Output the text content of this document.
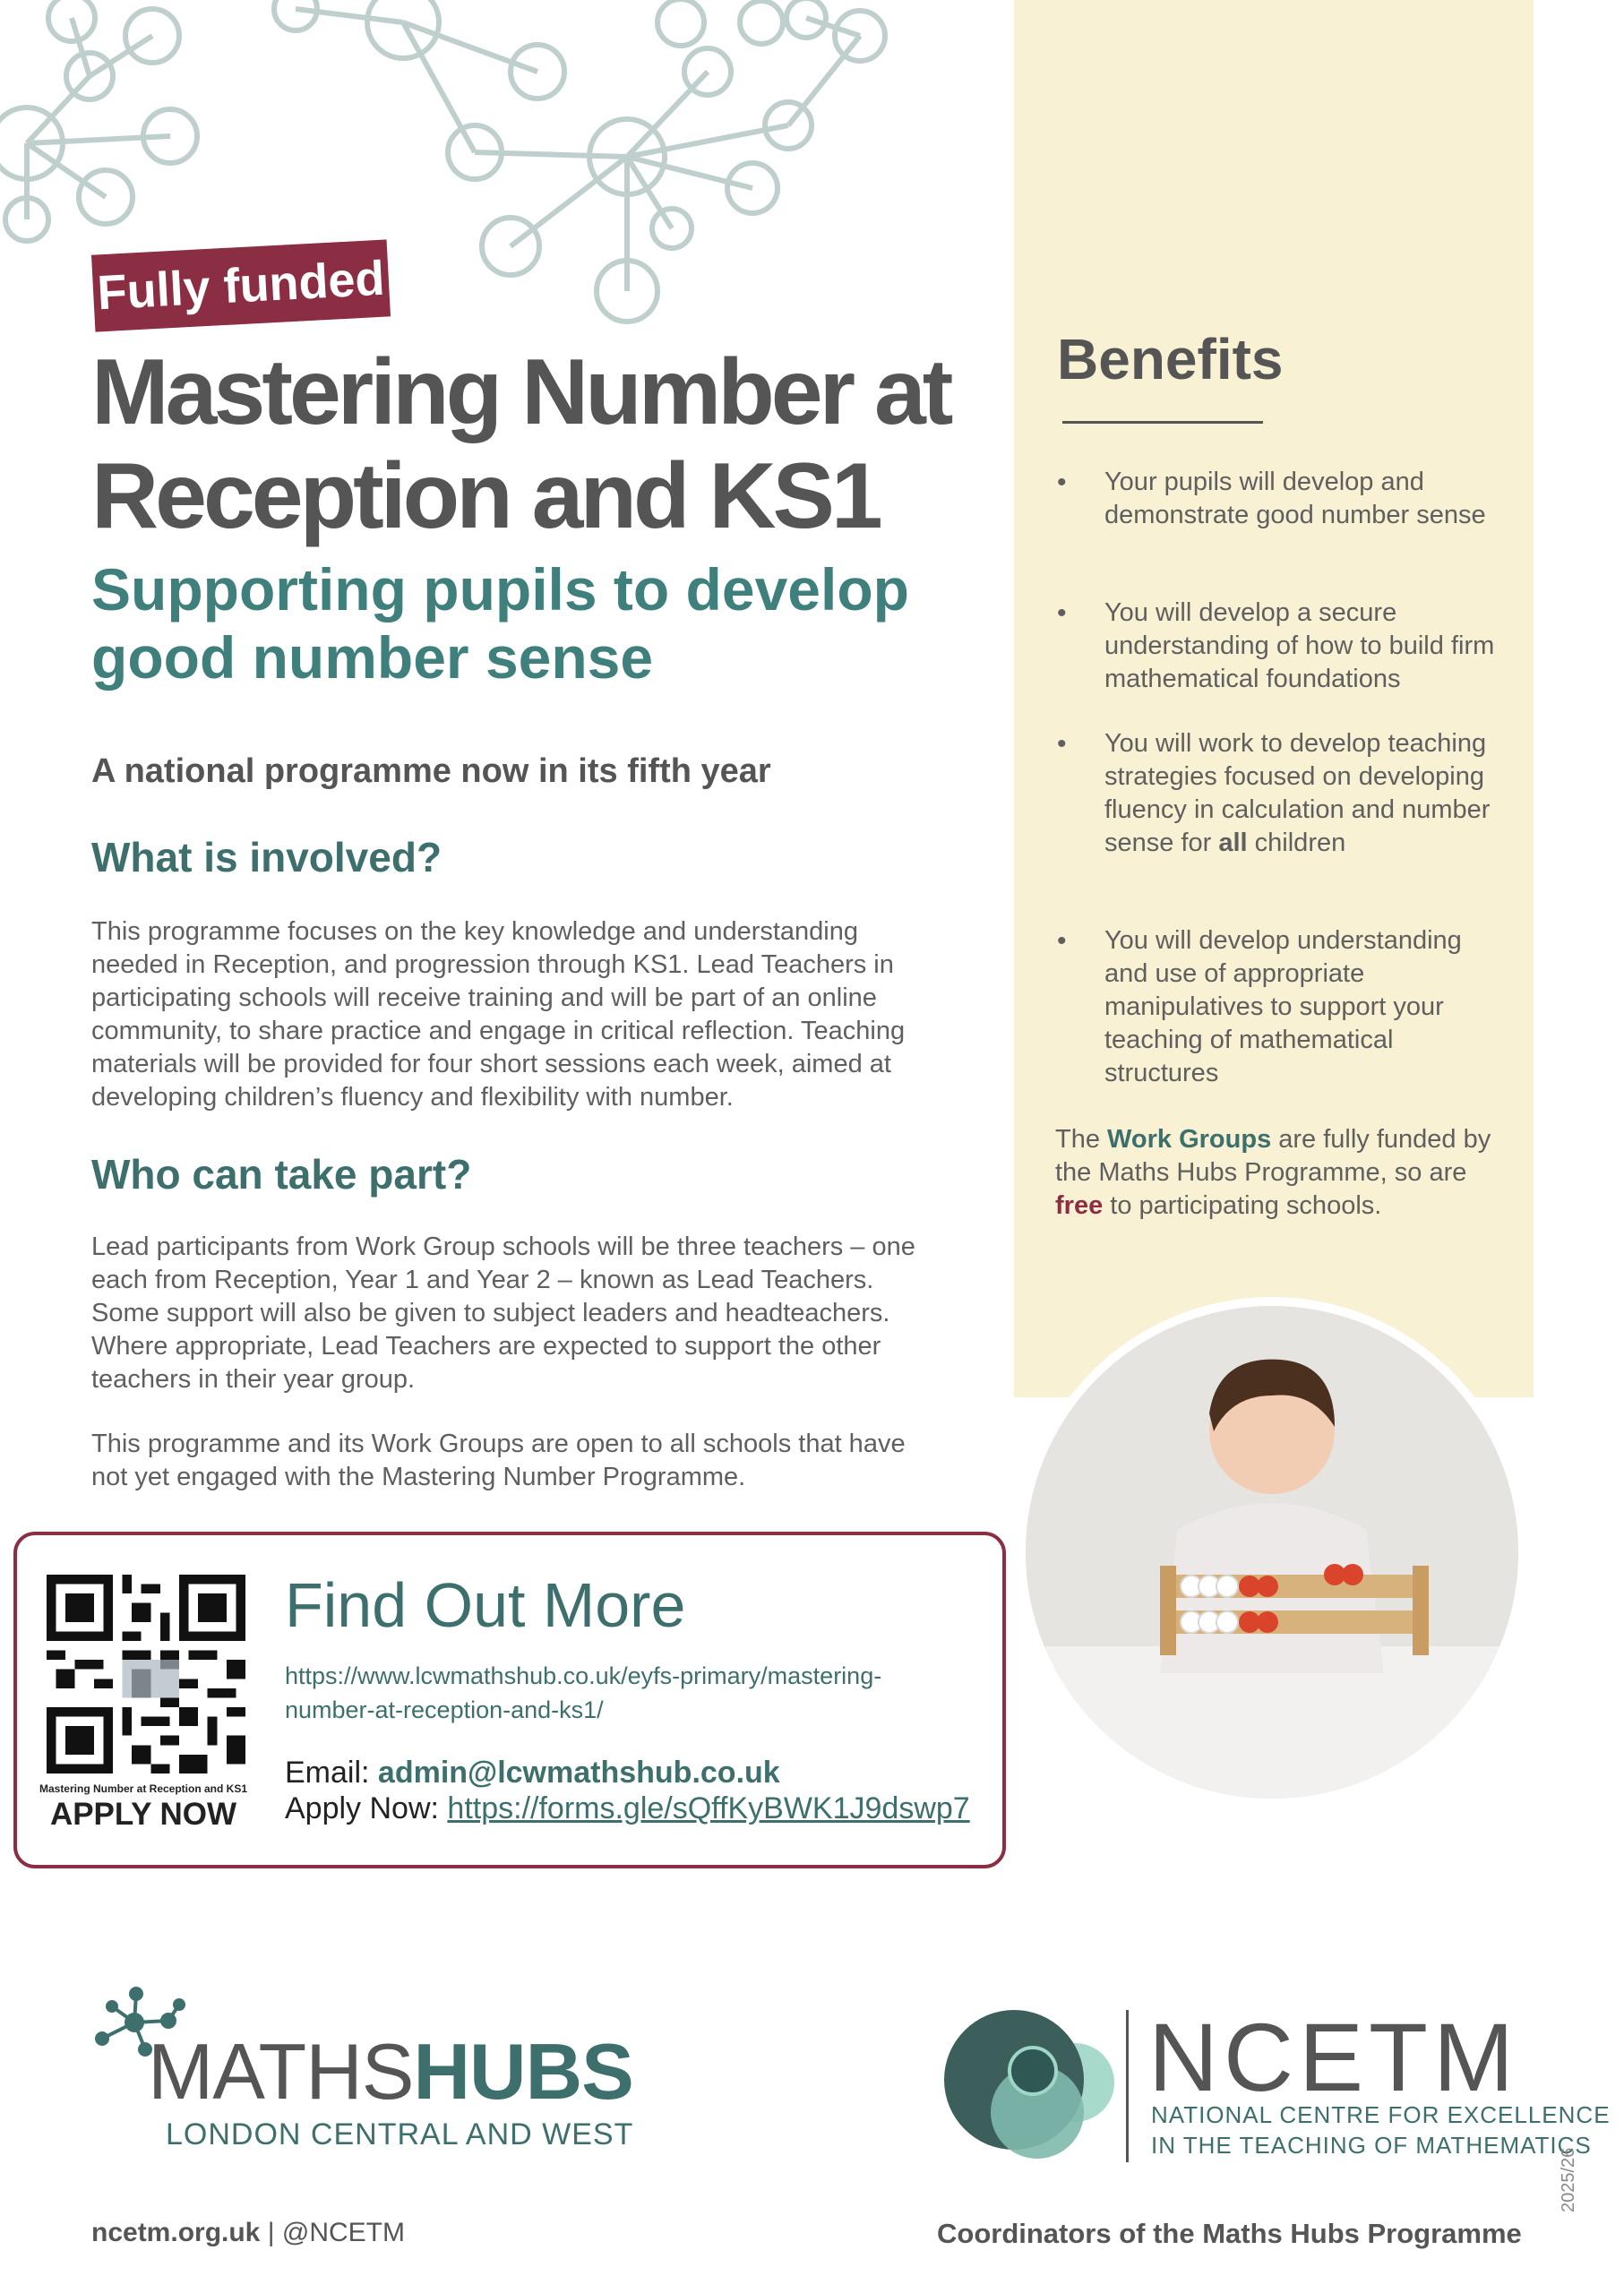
Fully funded
Mastering Number at Reception and KS1
Supporting pupils to develop good number sense
A national programme now in its fifth year
What is involved?

This programme focuses on the key knowledge and understanding needed in Reception, and progression through KS1. Lead Teachers in participating schools will receive training and will be part of an online community, to share practice and engage in critical reflection. Teaching materials will be provided for four short sessions each week, aimed at developing children’s fluency and flexibility with number.

Who can take part?

Lead participants from Work Group schools will be three teachers – one each from Reception, Year 1 and Year 2 – known as Lead Teachers. Some support will also be given to subject leaders and headteachers. Where appropriate, Lead Teachers are expected to support the other teachers in their year group.

This programme and its Work Groups are open to all schools that have not yet engaged with the Mastering Number Programme.

Benefits
• Your pupils will develop and demonstrate good number sense
• You will develop a secure understanding of how to build firm mathematical foundations
• You will work to develop teaching strategies focused on developing fluency in calculation and number sense for all children
• You will develop understanding and use of appropriate manipulatives to support your teaching of mathematical structures
The Work Groups are fully funded by the Maths Hubs Programme, so are free to participating schools.
Mastering Number at Reception and KS1
APPLY NOW
Find Out More
https://www.lcwmathshub.co.uk/eyfs-primary/mastering-number-at-reception-and-ks1/
Email: admin@lcwmathshub.co.uk
Apply Now: https://forms.gle/sQffKyBWK1J9dswp7
MATHSHUBS
LONDON CENTRAL AND WEST
NCETM
NATIONAL CENTRE FOR EXCELLENCE
IN THE TEACHING OF MATHEMATICS
ncetm.org.uk | @NCETM	Coordinators of the Maths Hubs Programme
2025/26
